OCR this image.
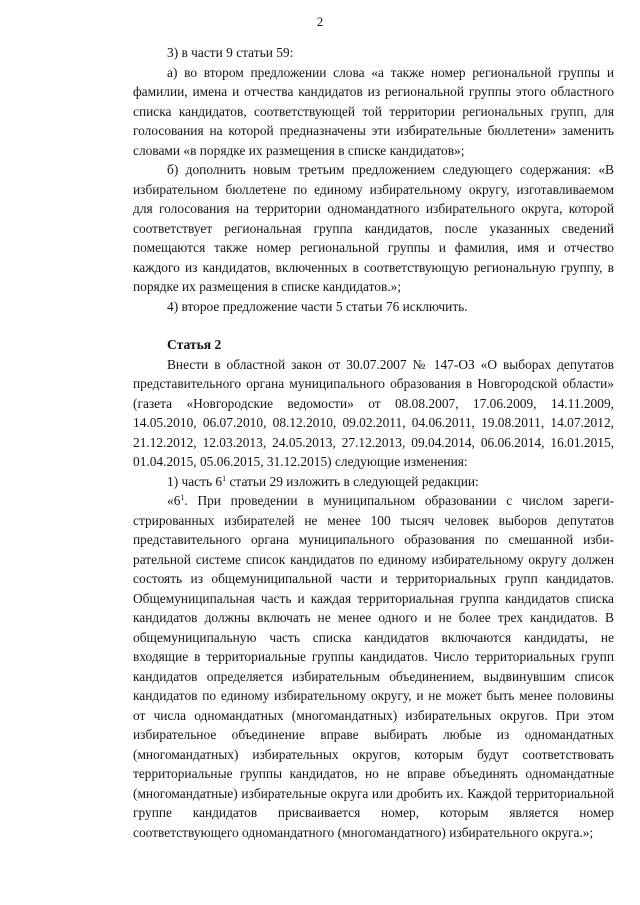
2

3) в части 9 статьи 59:

а) во втором предложении слова «а также номер региональной группы и фамилии, имена и отчества кандидатов из региональной группы этого областного списка кандидатов, соответствующей той территории региональных групп, для голосования на которой предназначены эти избирательные бюллетени» заменить словами «в порядке их размещения в списке кандидатов»;

б) дополнить новым третьим предложением следующего содержания: «В избирательном бюллетене по единому избирательному округу, изготавливаемом для голосования на территории одномандатного избирательного округа, которой соответствует региональная группа кандидатов, после указанных сведений помещаются также номер региональной группы и фамилия, имя и отчество каждого из кандидатов, включенных в соответствующую региональную группу, в порядке их размещения в списке кандидатов.»;

4) второе предложение части 5 статьи 76 исключить.

Статья 2

Внести в областной закон от 30.07.2007 № 147-ОЗ «О выборах депутатов представительного органа муниципального образования в Новгородской области» (газета «Новгородские ведомости» от 08.08.2007, 17.06.2009, 14.11.2009, 14.05.2010, 06.07.2010, 08.12.2010, 09.02.2011, 04.06.2011, 19.08.2011, 14.07.2012, 21.12.2012, 12.03.2013, 24.05.2013, 27.12.2013, 09.04.2014, 06.06.2014, 16.01.2015, 01.04.2015, 05.06.2015, 31.12.2015) следующие изменения:

1) часть $6^1$ статьи 29 изложить в следующей редакции:

«$6^1$. При проведении в муниципальном образовании с числом зарегистрированных избирателей не менее 100 тысяч человек выборов депутатов представительного органа муниципального образования по смешанной избирательной системе список кандидатов по единому избирательному округу должен состоять из общемуниципальной части и территориальных групп кандидатов. Общемуниципальная часть и каждая территориальная группа кандидатов списка кандидатов должны включать не менее одного и не более трех кандидатов. В общемуниципальную часть списка кандидатов включаются кандидаты, не входящие в территориальные группы кандидатов. Число территориальных групп кандидатов определяется избирательным объединением, выдвинувшим список кандидатов по единому избирательному округу, и не может быть менее половины от числа одномандатных (многомандатных) избирательных округов. При этом избирательное объединение вправе выбирать любые из одномандатных (многомандатных) избирательных округов, которым будут соответствовать территориальные группы кандидатов, но не вправе объединять одномандатные (многомандатные) избирательные округа или дробить их. Каждой территориальной группе кандидатов присваивается номер, которым является номер соответствующего одномандатного (многомандатного) избирательного округа.»;
